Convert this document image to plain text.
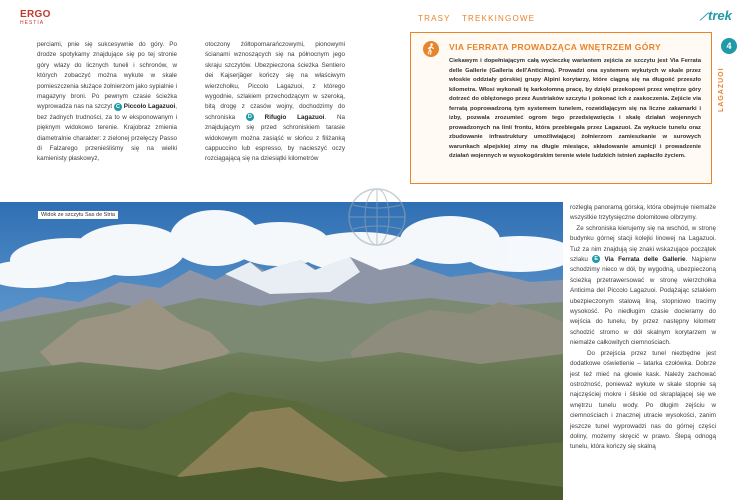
ERGO
HESTIA	TRASY TREKKINGOWE	⟋trek
4
LAGAZUOI
perciami, pnie się sukcesywnie do góry. Po drodze spotykamy znajdujące się po tej stronie góry wlazy do licznych tuneli i schronów, w których zobaczyć można wykute w skale pomieszczenia służące żołnierzom jako sypialnie i magazyny broni. Po pewnym czasie ścieżka wyprowadza nas na szczyt C Piccolo Lagazuoi, bez żadnych trudności, za to w eksponowanym i pięknym widokowo terenie. Krajobraz zmienia diametralnie charakter: z zielonej przełęczy Passo di Falzarego przenieśliśmy się na wielki kamienisty płaskowyż,
otoczony żółtopomarańczowymi, pionowymi ścianami wznoszących się na północnym jego skraju szczytów. Ubezpieczona ścieżka Sentiero dei Kajserjäger kończy się na właściwym wierzchołku, Piccolo Lagazuoi, z którego wygodnie, szlakiem przechodzącym w szeroką, bitą drogę z czasów wojny, dochodzimy do schroniska D Rifugio Lagazuoi. Na znajdującym się przed schroniskiem tarasie widokowym można zasiąść w słońcu z filiżanką cappuccino lub espresso, by nacieszyć oczy rozciągającą się na dziesiątki kilometrów
VIA FERRATA PROWADZĄCA WNĘTRZEM GÓRY
Ciekawym i dopełniającym całą wycieczkę wariantem zejścia ze szczytu jest Via Ferrata delle Gallerie (Galleria dell'Anticima). Prowadzi ona systemem wykutych w skale przez włoskie oddziały górskiej grupy Alpini korytarzy, które ciągną się na długość przeszło kilometra. Włosi wykonali tę karkołomną pracę, by dzięki przekopowi przez wnętrze góry dotrzeć do oblężonego przez Austriaków szczytu i pokonać ich z zaskoczenia. Zejście via ferratą poprowadzoną tym systemem tunelem, rozwidlającym się na liczne zakamarki i izby, pozwala zrozumieć ogrom tego przedsięwzięcia i skalę działań wojennych prowadzonych na linii frontu, która przebiegała przez Lagazuoi. Za wykucie tunelu oraz zbudowanie infrastruktury umożliwiającej żołnierzom zamieszkanie w surowych warunkach alpejskiej zimy na długie miesiące, składowanie amunicji i prowadzenie działań wojennych w wysokogórskim terenie wiele ludzkich istnień zapłaciło życiem.
Widok ze szczytu Sas de Stria
rozległą panoramą górską, która obejmuje niemalże wszystkie trzytysięczne dolomitowe olbrzymy.
Ze schroniska kierujemy się na wschód, w stronę budynku górnej stacji kolejki linowej na Lagazuoi. Tuż za nim znajdują się znaki wskazujące początek szlaku E Via Ferrata delle Gallerie. Najpierw schodzimy nieco w dół, by wygodną, ubezpieczoną ścieżką przetrawersować w stronę wierzchołka Anticima del Piccolo Lagazuoi. Podążając szlakiem ubezpieczonym stalową liną, stopniowo tracimy wysokość. Po niedługim czasie docieramy do wejścia do tunelu, by przez następny kilometr schodzić stromo w dół skalnym korytarzem w niemalże całkowitych ciemnościach.
Do przejścia przez tunel niezbędne jest dodatkowe oświetlenie – latarka czołówka. Dobrze jest też mieć na głowie kask. Należy zachować ostrożność, ponieważ wykute w skale stopnie są najczęściej mokre i śliskie od skraplającej się we wnętrzu tunelu wody. Po długim zejściu w ciemnościach i znacznej utracie wysokości, zanim jeszcze tunel wyprowadzi nas do górnej części doliny, możemy skręcić w prawo. Ślepą odnogą tunelu, która kończy się skalną
